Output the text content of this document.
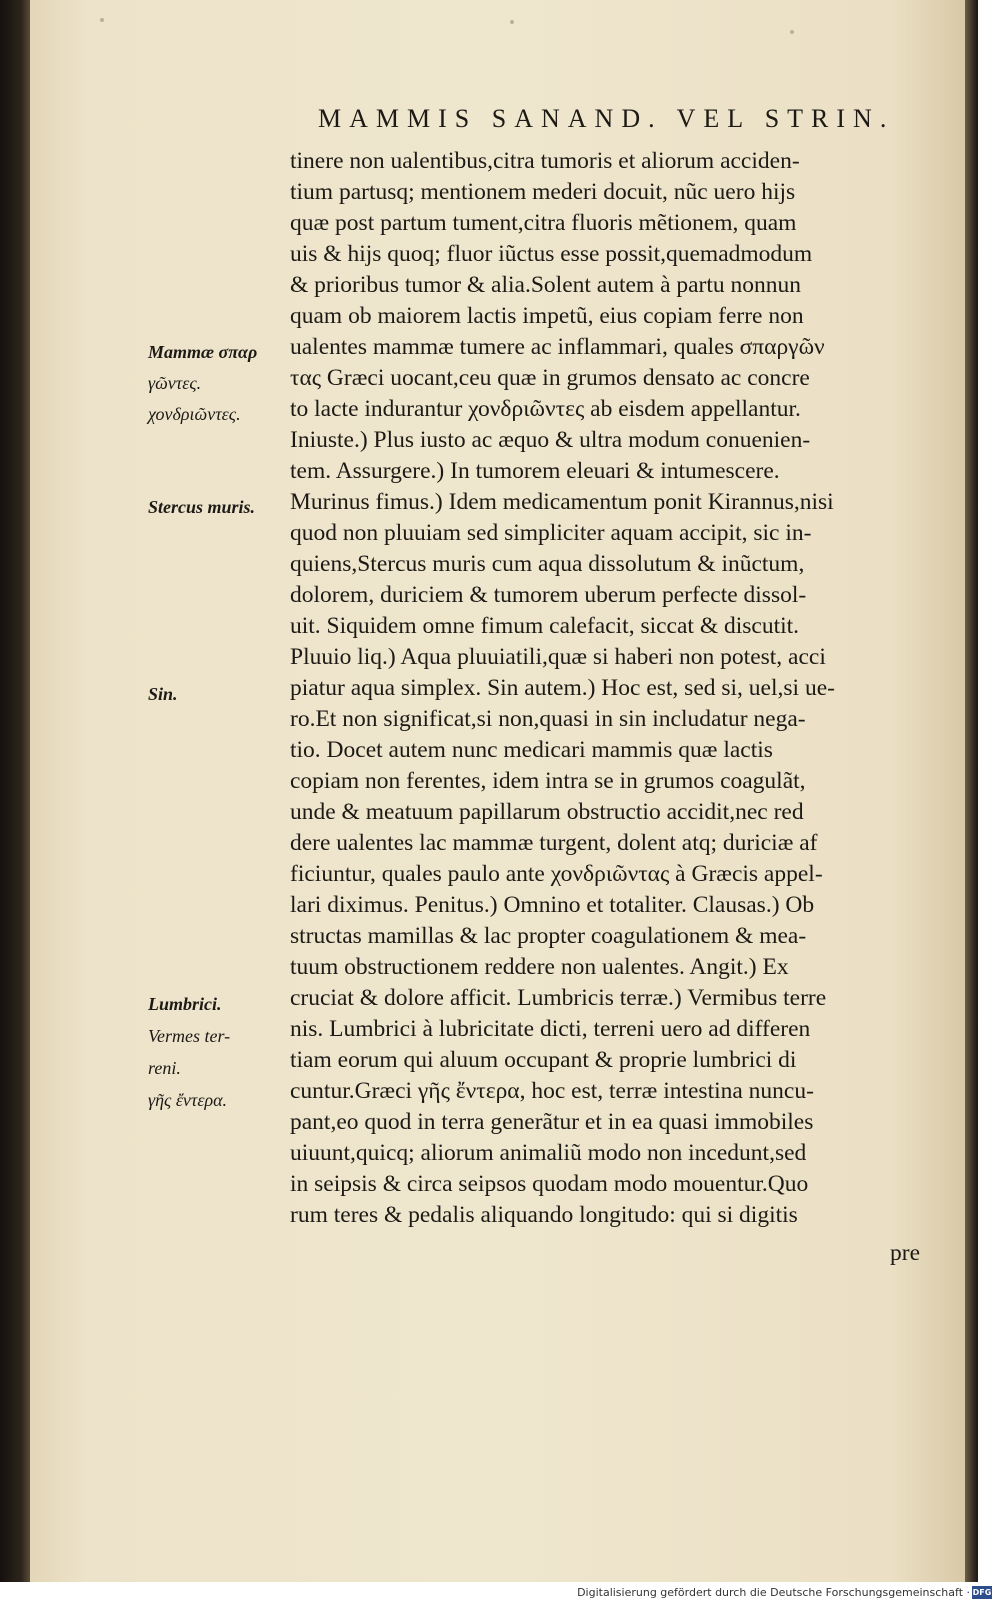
MAMMIS SANAND. VEL STRIN.
tinere non ualentibus,citra tumoris et aliorum acciden-
tium partusq; mentionem mederi docuit, nũc uero hijs
quæ post partum tument,citra fluoris mẽtionem, quam
uis & hijs quoq; fluor iũctus esse possit,quemadmodum
& prioribus tumor & alia.Solent autem à partu nonnun
quam ob maiorem lactis impetũ, eius copiam ferre non
ualentes mammæ tumere ac inflammari, quales σπαργῶν
τας Græci uocant,ceu quæ in grumos densato ac concre
to lacte indurantur χονδριῶντες ab eisdem appellantur.
Iniuste.) Plus iusto ac æquo & ultra modum conuenien-
tem. Assurgere.) In tumorem eleuari & intumescere.
Murinus fimus.) Idem medicamentum ponit Kirannus,nisi
quod non pluuiam sed simpliciter aquam accipit, sic in-
quiens,Stercus muris cum aqua dissolutum & inũctum,
dolorem, duriciem & tumorem uberum perfecte dissol-
uit. Siquidem omne fimum calefacit, siccat & discutit.
Pluuio liq.) Aqua pluuiatili,quæ si haberi non potest, acci
piatur aqua simplex. Sin autem.) Hoc est, sed si, uel,si ue-
ro.Et non significat,si non,quasi in sin includatur nega-
tio. Docet autem nunc medicari mammis quæ lactis
copiam non ferentes, idem intra se in grumos coagulãt,
unde & meatuum papillarum obstructio accidit,nec red
dere ualentes lac mammæ turgent, dolent atq; duriciæ af
ficiuntur, quales paulo ante χονδριῶντας à Græcis appel-
lari diximus. Penitus.) Omnino et totaliter. Clausas.) Ob
structas mamillas & lac propter coagulationem & mea-
tuum obstructionem reddere non ualentes. Angit.) Ex
cruciat & dolore afficit. Lumbricis terræ.) Vermibus terre
nis. Lumbrici à lubricitate dicti, terreni uero ad differen
tiam eorum qui aluum occupant & proprie lumbrici di
cuntur.Græci γῆς ἔντερα, hoc est, terræ intestina nuncu-
pant,eo quod in terra generãtur et in ea quasi immobiles
uiuunt,quicq; aliorum animaliũ modo non incedunt,sed
in seipsis & circa seipsos quodam modo mouentur.Quo
rum teres & pedalis aliquando longitudo: qui si digitis
pre
Mammæ σπαρ
γῶντες.
χονδριῶντες.
Stercus muris.
Sin.
Lumbrici.
Vermes ter-
reni.
γῆς ἔντερα.
Digitalisierung gefördert durch die Deutsche Forschungsgemeinschaft · DFG
